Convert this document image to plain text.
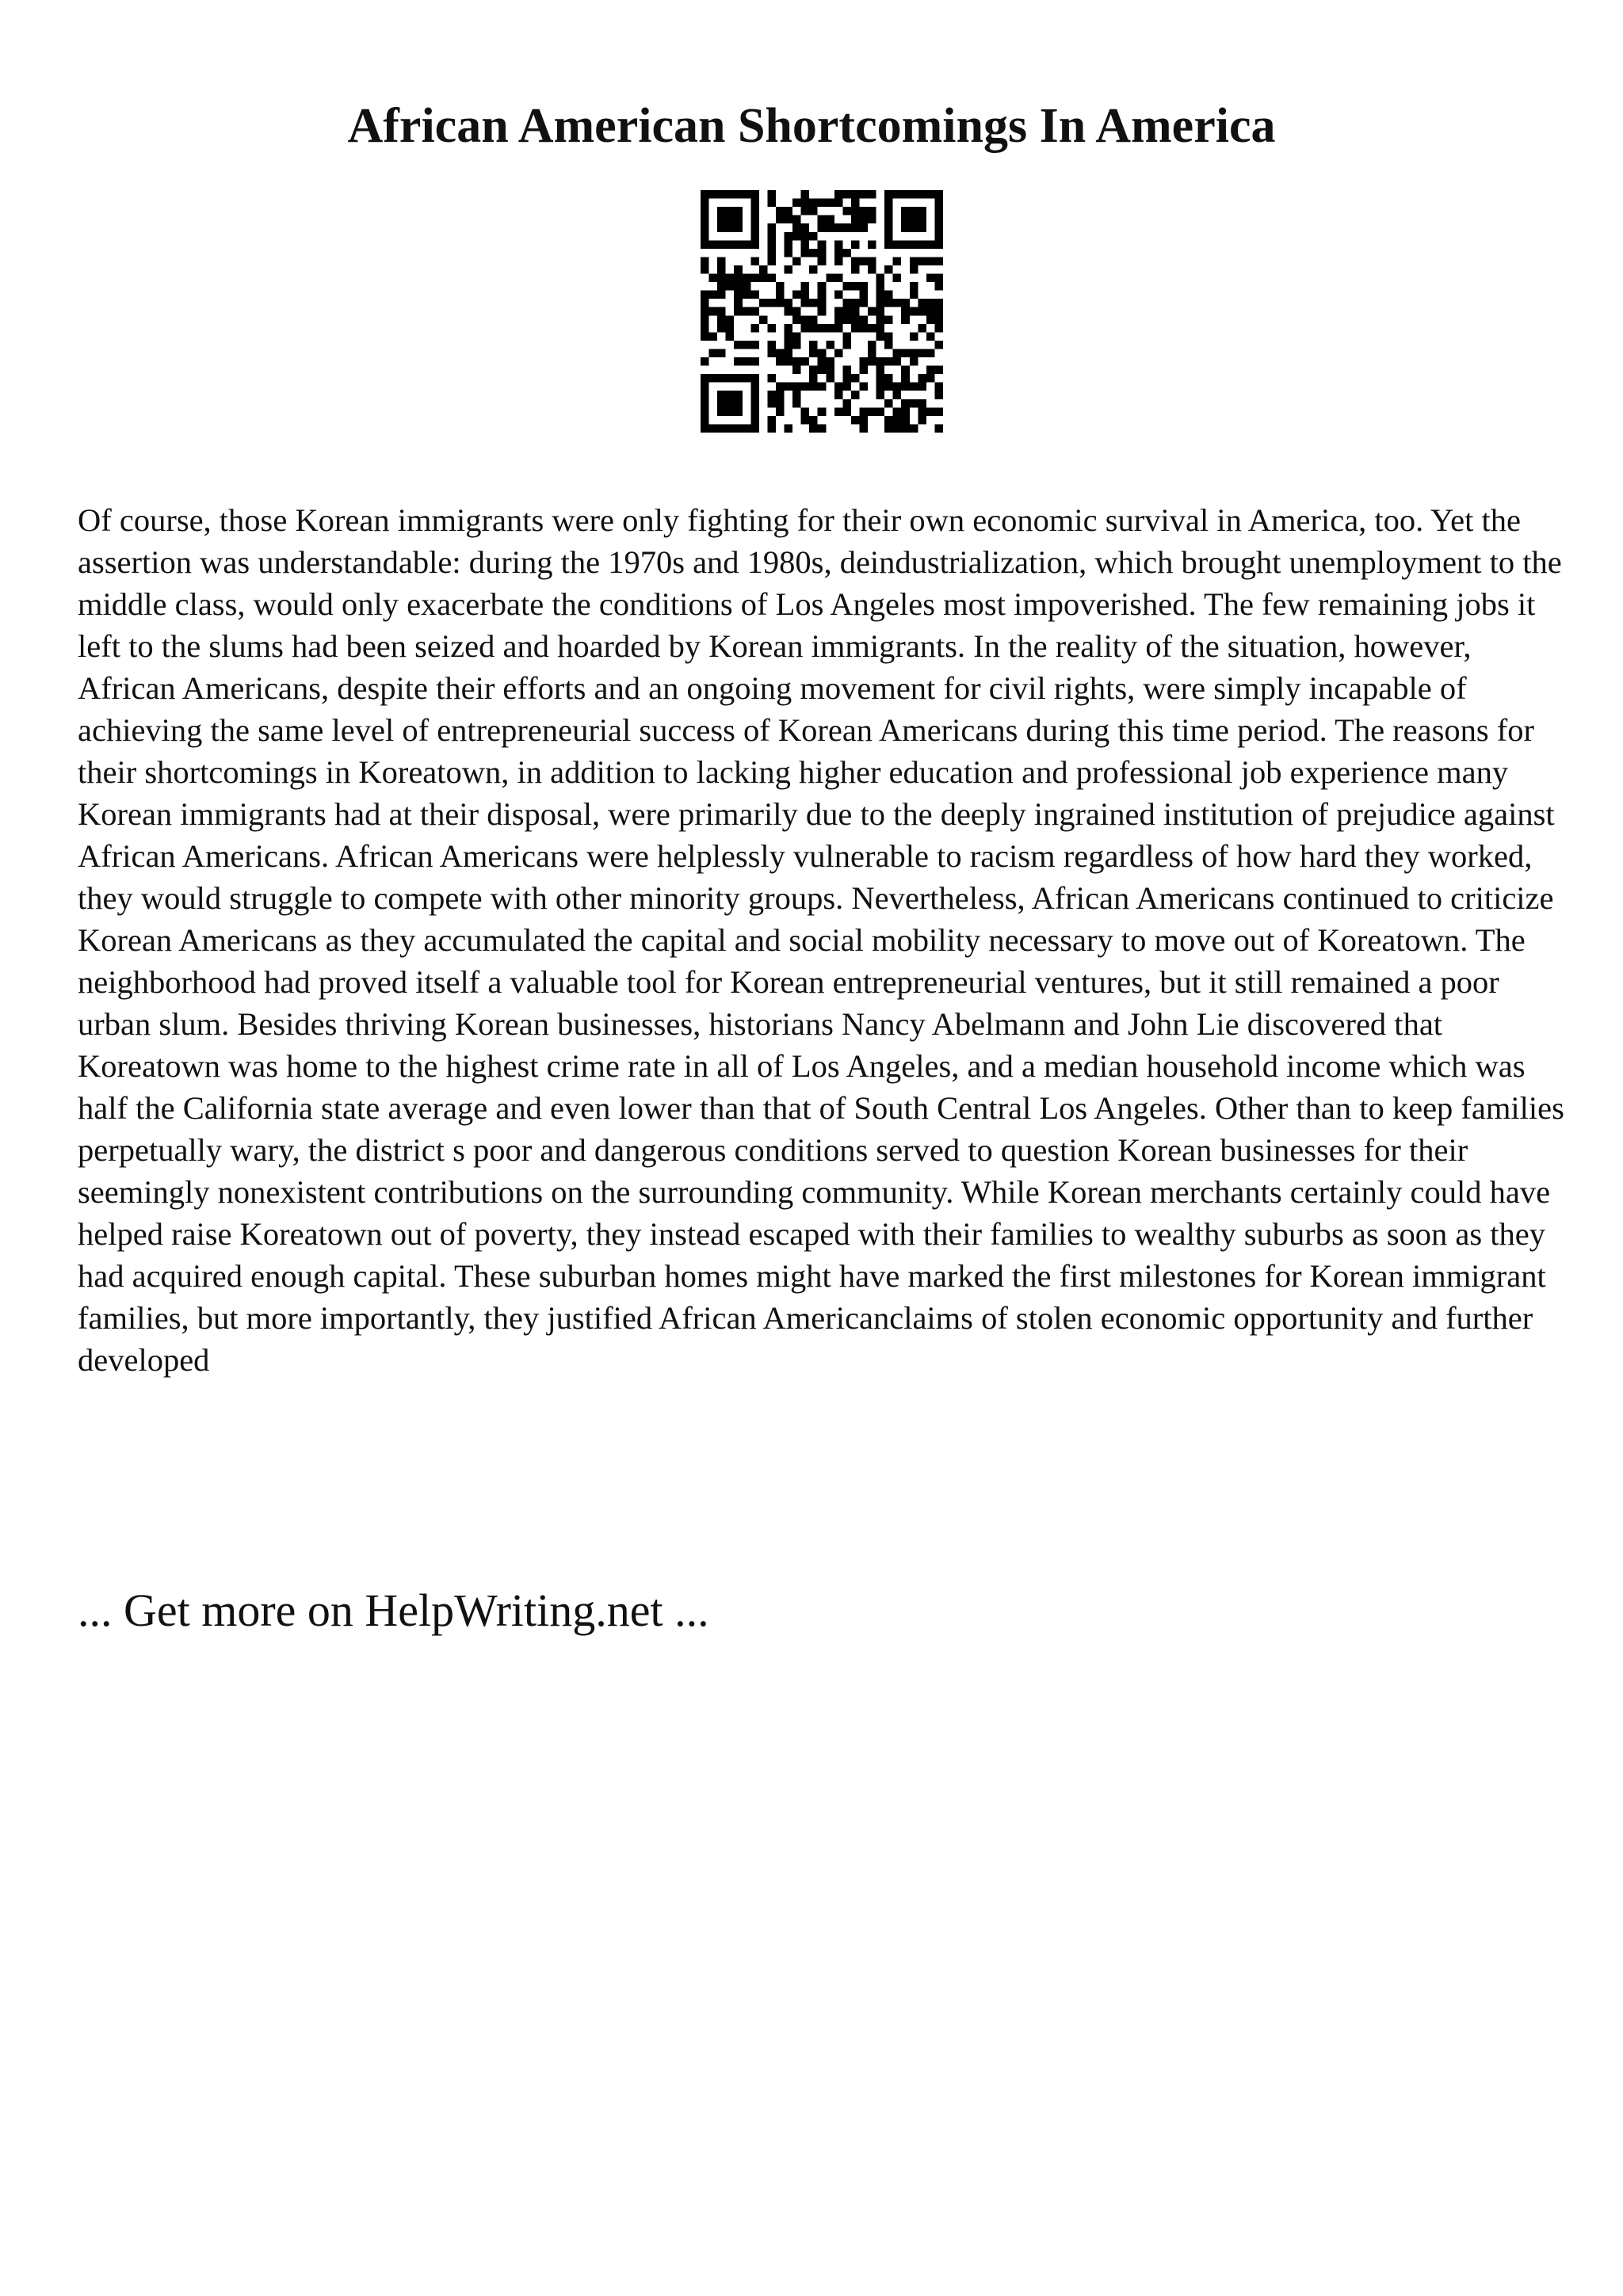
African American Shortcomings In America

Of course, those Korean immigrants were only fighting for their own economic survival in America, too. Yet the assertion was understandable: during the 1970s and 1980s, deindustrialization, which brought unemployment to the middle class, would only exacerbate the conditions of Los Angeles most impoverished. The few remaining jobs it left to the slums had been seized and hoarded by Korean immigrants. In the reality of the situation, however, African Americans, despite their efforts and an ongoing movement for civil rights, were simply incapable of achieving the same level of entrepreneurial success of Korean Americans during this time period. The reasons for their shortcomings in Koreatown, in addition to lacking higher education and professional job experience many Korean immigrants had at their disposal, were primarily due to the deeply ingrained institution of prejudice against African Americans. African Americans were helplessly vulnerable to racism regardless of how hard they worked, they would struggle to compete with other minority groups. Nevertheless, African Americans continued to criticize Korean Americans as they accumulated the capital and social mobility necessary to move out of Koreatown. The neighborhood had proved itself a valuable tool for Korean entrepreneurial ventures, but it still remained a poor urban slum. Besides thriving Korean businesses, historians Nancy Abelmann and John Lie discovered that Koreatown was home to the highest crime rate in all of Los Angeles, and a median household income which was half the California state average and even lower than that of South Central Los Angeles. Other than to keep families perpetually wary, the district s poor and dangerous conditions served to question Korean businesses for their seemingly nonexistent contributions on the surrounding community. While Korean merchants certainly could have helped raise Koreatown out of poverty, they instead escaped with their families to wealthy suburbs as soon as they had acquired enough capital. These suburban homes might have marked the first milestones for Korean immigrant families, but more importantly, they justified African Americanclaims of stolen economic opportunity and further developed

... Get more on HelpWriting.net ...
